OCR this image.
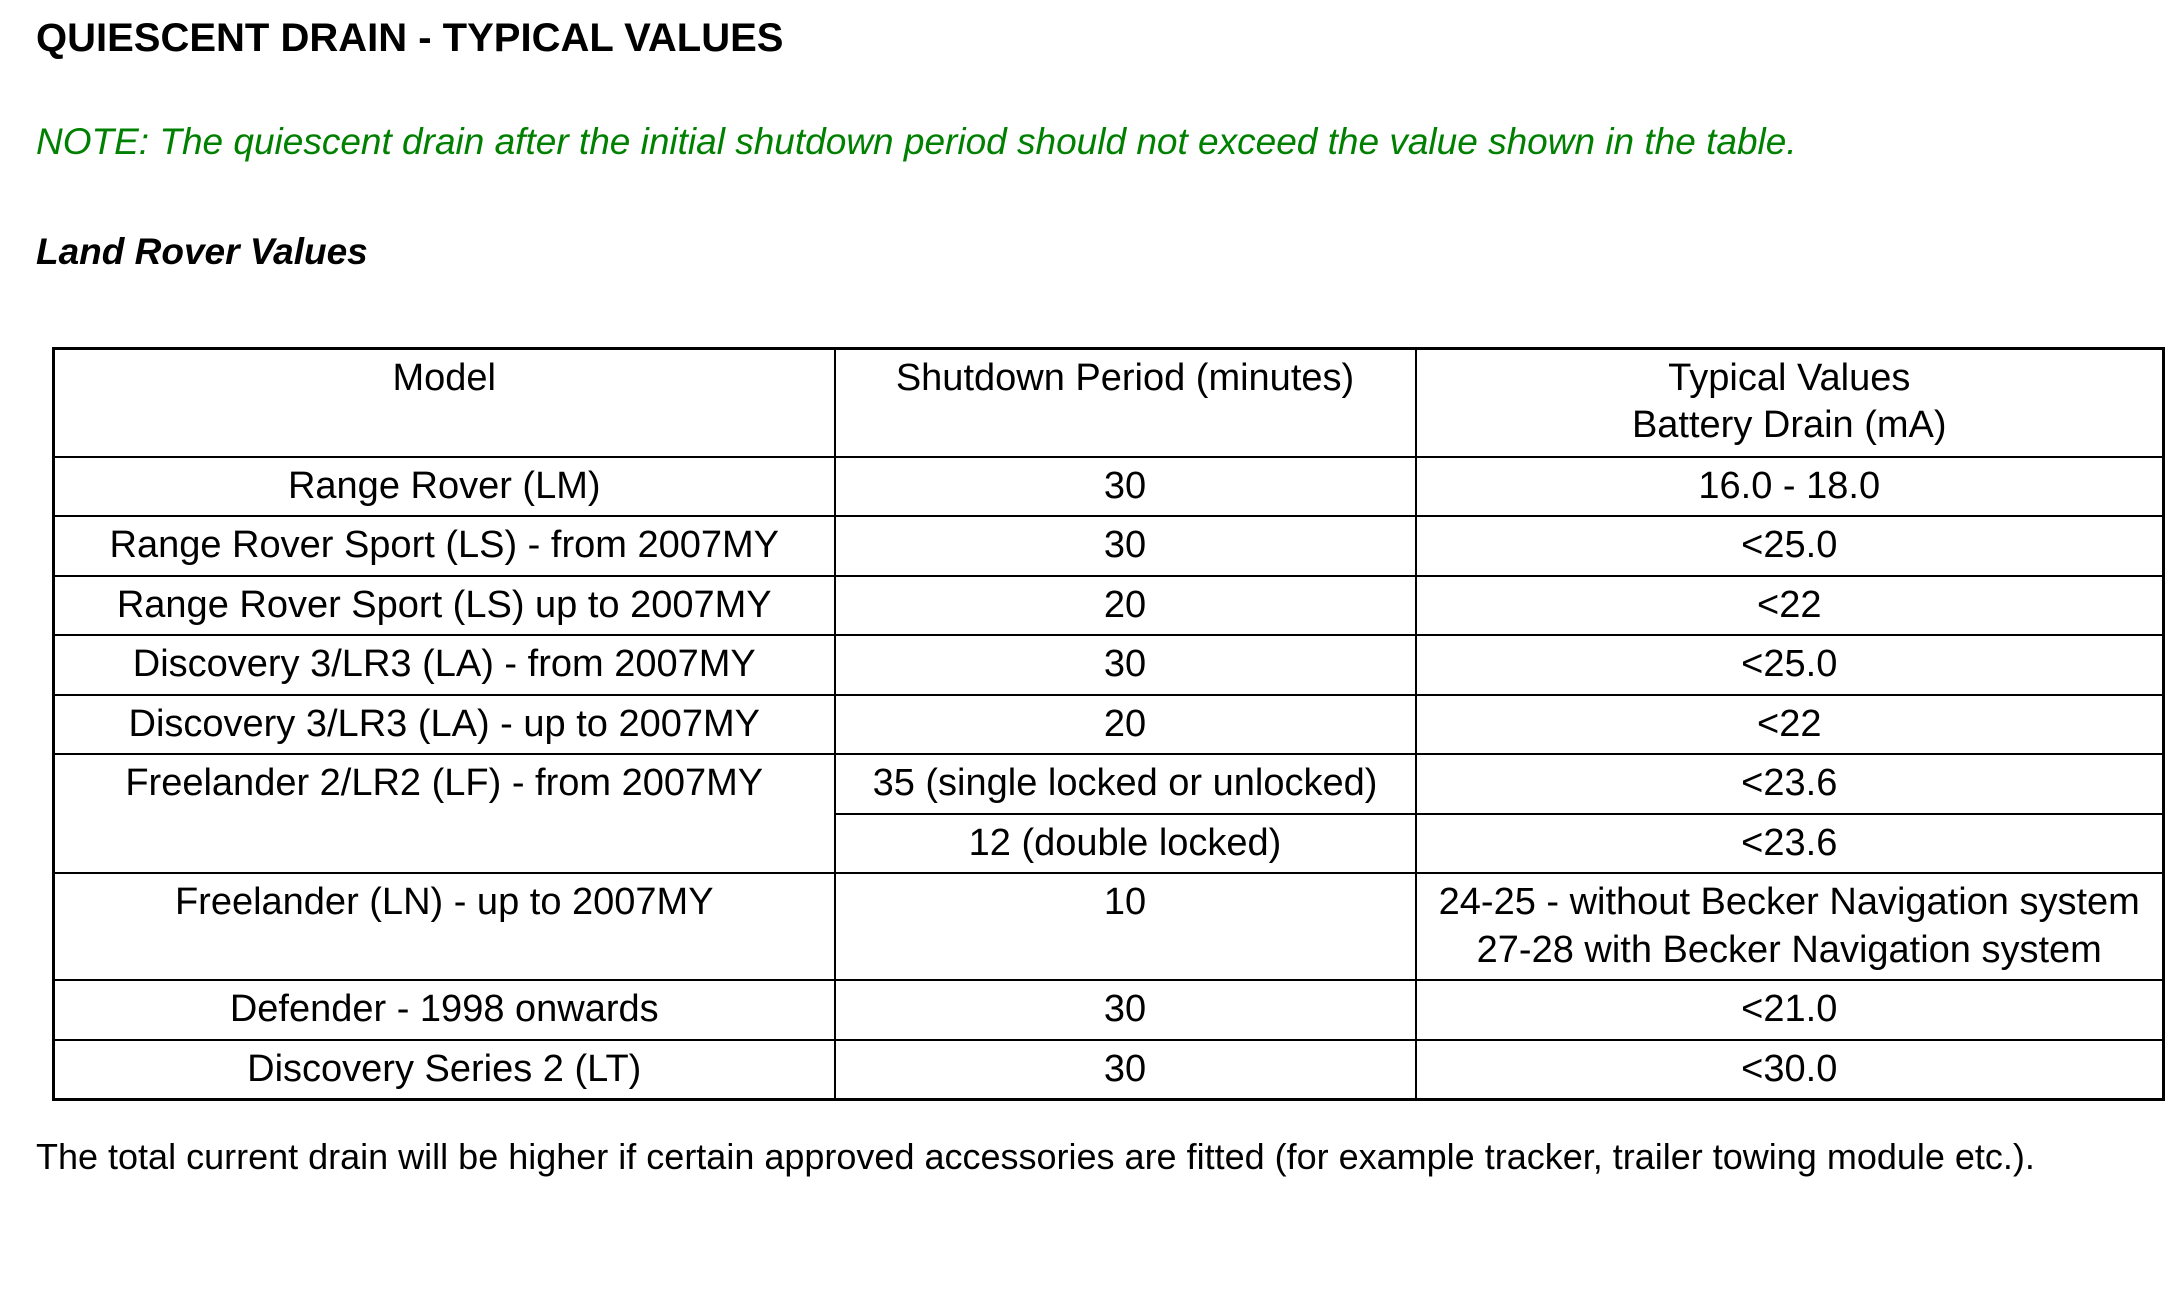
QUIESCENT DRAIN - TYPICAL VALUES

NOTE: The quiescent drain after the initial shutdown period should not exceed the value shown in the table.

Land Rover Values
Model	Shutdown Period (minutes)	Typical Values
Battery Drain (mA)

Range Rover (LM)	30	16.0 - 18.0
Range Rover Sport (LS) - from 2007MY	30	<25.0
Range Rover Sport (LS) up to 2007MY	20	<22
Discovery 3/LR3 (LA) - from 2007MY	30	<25.0
Discovery 3/LR3 (LA) - up to 2007MY	20	<22
Freelander 2/LR2 (LF) - from 2007MY	35 (single locked or unlocked)	<23.6
	12 (double locked)	<23.6
Freelander (LN) - up to 2007MY	10	24-25 - without Becker Navigation system
27-28 with Becker Navigation system

Defender - 1998 onwards	30	<21.0
Discovery Series 2 (LT)	30	<30.0

The total current drain will be higher if certain approved accessories are fitted (for example tracker, trailer towing module etc.).
